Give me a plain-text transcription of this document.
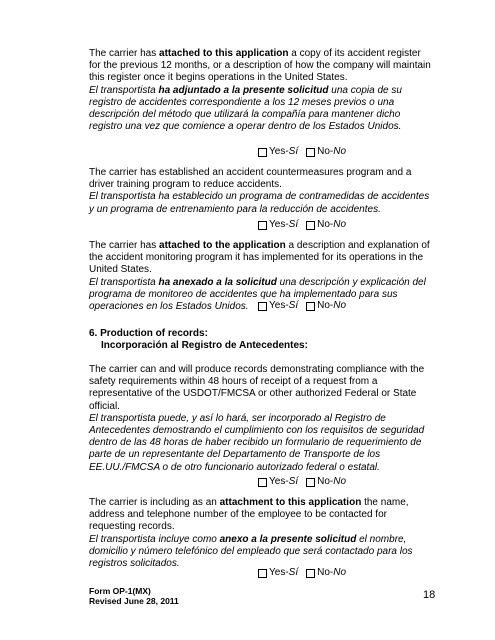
The carrier has attached to this application a copy of its accident register for the previous 12 months, or a description of how the company will maintain this register once it begins operations in the United States.

El transportista ha adjuntado a la presente solicitud una copia de su registro de accidentes correspondiente a los 12 meses previos o una descripción del método que utilizará la compañía para mantener dicho registro una vez que comience a operar dentro de los Estados Unidos.

Yes- Sí No- No

The carrier has established an accident countermeasures program and a driver training program to reduce accidents.

El transportista ha establecido un programa de contramedidas de accidentes y un programa de entrenamiento para la reducción de accidentes.

Yes- Sí No- No

The carrier has attached to the application a description and explanation of the accident monitoring program it has implemented for its operations in the United States.

El transportista ha anexado a la solicitud una descripción y explicación del programa de monitoreo de accidentes que ha implementado para sus operaciones en los Estados Unidos.	Yes- Sí No- No
6. Production of records:
Incorporación al Registro de Antecedentes:

The carrier can and will produce records demonstrating compliance with the safety requirements within 48 hours of receipt of a request from a representative of the USDOT/FMCSA or other authorized Federal or State official.

El transportista puede, y así lo hará, ser incorporado al Registro de Antecedentes demostrando el cumplimiento con los requisitos de seguridad dentro de las 48 horas de haber recibido un formulario de requerimiento de parte de un representante del Departamento de Transporte de los EE.UU./FMCSA o de otro funcionario autorizado federal o estatal.

Yes- Sí No- No

The carrier is including as an attachment to this application the name, address and telephone number of the employee to be contacted for requesting records.

El transportista incluye como anexo a la presente solicitud el nombre, domicilio y número telefónico del empleado que será contactado para los registros solicitados.

Yes- Sí No- No
Form OP-1(MX)
Revised June 28, 2011	18
